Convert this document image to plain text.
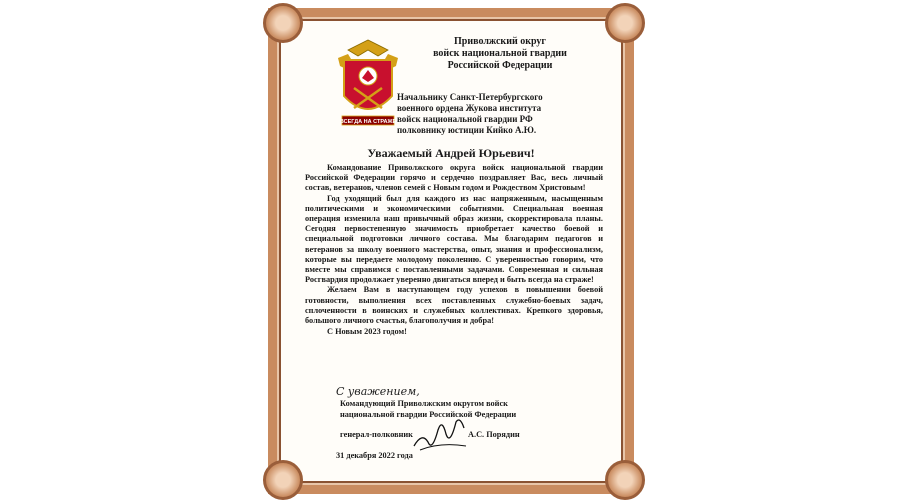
ВСЕГДА НА СТРАЖЕ
Приволжский округ
войск национальной гвардии
Российской Федерации
Начальнику Санкт-Петербургского
военного ордена Жукова института
войск национальной гвардии РФ
полковнику юстиции Кийко А.Ю.
Уважаемый Андрей Юрьевич!

Командование Приволжского округа войск национальной гвардии Российской Федерации горячо и сердечно поздравляет Вас, весь личный состав, ветеранов, членов семей с Новым годом и Рождеством Христовым!

Год уходящий был для каждого из нас напряженным, насыщенным политическими и экономическими событиями. Специальная военная операция изменила наш привычный образ жизни, скорректировала планы. Сегодня первостепенную значимость приобретает качество боевой и специальной подготовки личного состава. Мы благодарим педагогов и ветеранов за школу военного мастерства, опыт, знания и профессионализм, которые вы передаете молодому поколению. С уверенностью говорим, что вместе мы справимся с поставленными задачами. Современная и сильная Росгвардия продолжает уверенно двигаться вперед и быть всегда на страже!

Желаем Вам в наступающем году успехов в повышении боевой готовности, выполнения всех поставленных служебно-боевых задач, сплоченности в воинских и служебных коллективах. Крепкого здоровья, большого личного счастья, благополучия и добра!

С Новым 2023 годом!

С уважением,
Командующий Приволжским округом войск
национальной гвардии Российской Федерации
генерал-полковник	А.С. Порядин
31 декабря 2022 года
